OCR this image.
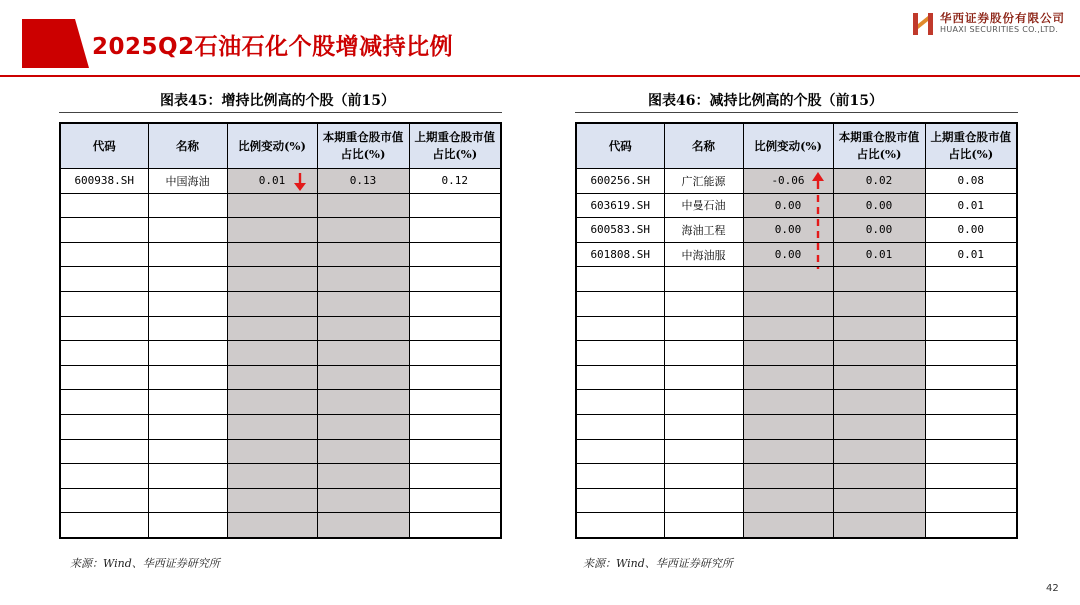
2025Q2石油石化个股增减持比例
华西证券股份有限公司
HUAXI SECURITIES CO.,LTD.
图表45：增持比例高的个股（前15）	图表46：减持比例高的个股（前15）
代码	名称	比例变动(%)	本期重仓股市值占比(%)	上期重仓股市值占比(%)
600938.SH	中国海油	0.01	0.13	0.12

代码	名称	比例变动(%)	本期重仓股市值占比(%)	上期重仓股市值占比(%)
600256.SH	广汇能源	-0.06	0.02	0.08
603619.SH	中曼石油	0.00	0.00	0.01
600583.SH	海油工程	0.00	0.00	0.00
601808.SH	中海油服	0.00	0.01	0.01

来源：Wind、华西证券研究所	来源：Wind、华西证券研究所
42
